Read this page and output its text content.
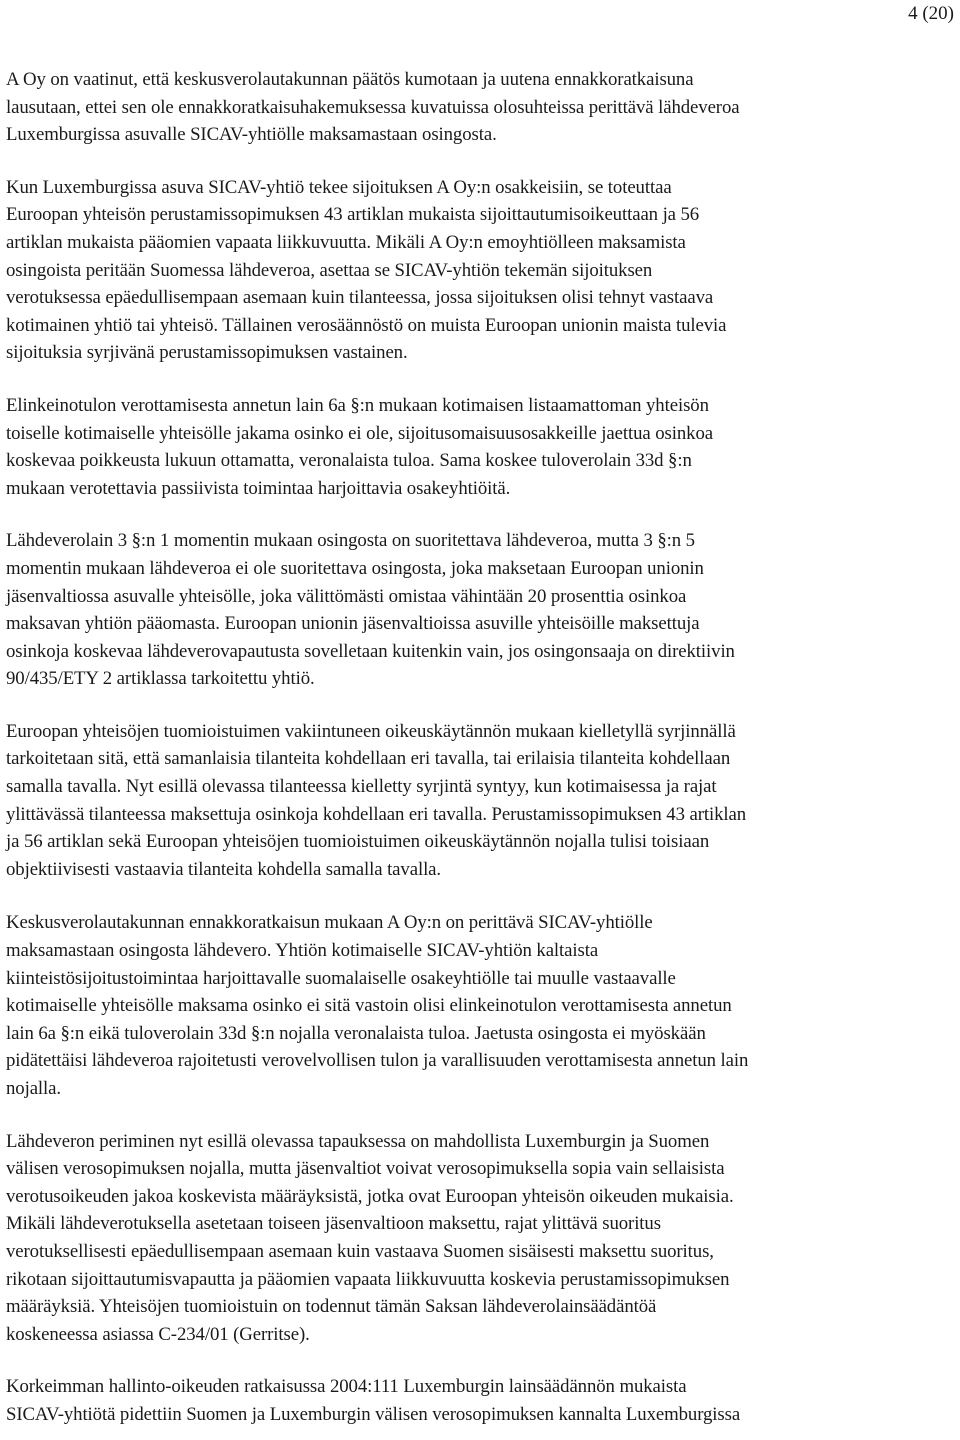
4 (20)

A Oy on vaatinut, että keskusverolautakunnan päätös kumotaan ja uutena ennakkoratkaisuna
lausutaan, ettei sen ole ennakkoratkaisuhakemuksessa kuvatuissa olosuhteissa perittävä lähdeveroa
Luxemburgissa asuvalle SICAV-yhtiölle maksamastaan osingosta.

Kun Luxemburgissa asuva SICAV-yhtiö tekee sijoituksen A Oy:n osakkeisiin, se toteuttaa
Euroopan yhteisön perustamissopimuksen 43 artiklan mukaista sijoittautumisoikeuttaan ja 56
artiklan mukaista pääomien vapaata liikkuvuutta. Mikäli A Oy:n emoyhtiölleen maksamista
osingoista peritään Suomessa lähdeveroa, asettaa se SICAV-yhtiön tekemän sijoituksen
verotuksessa epäedullisempaan asemaan kuin tilanteessa, jossa sijoituksen olisi tehnyt vastaava
kotimainen yhtiö tai yhteisö. Tällainen verosäännöstö on muista Euroopan unionin maista tulevia
sijoituksia syrjivänä perustamissopimuksen vastainen.

Elinkeinotulon verottamisesta annetun lain 6a §:n mukaan kotimaisen listaamattoman yhteisön
toiselle kotimaiselle yhteisölle jakama osinko ei ole, sijoitusomaisuusosakkeille jaettua osinkoa
koskevaa poikkeusta lukuun ottamatta, veronalaista tuloa. Sama koskee tuloverolain 33d §:n
mukaan verotettavia passiivista toimintaa harjoittavia osakeyhtiöitä.

Lähdeverolain 3 §:n 1 momentin mukaan osingosta on suoritettava lähdeveroa, mutta 3 §:n 5
momentin mukaan lähdeveroa ei ole suoritettava osingosta, joka maksetaan Euroopan unionin
jäsenvaltiossa asuvalle yhteisölle, joka välittömästi omistaa vähintään 20 prosenttia osinkoa
maksavan yhtiön pääomasta. Euroopan unionin jäsenvaltioissa asuville yhteisöille maksettuja
osinkoja koskevaa lähdeverovapautusta sovelletaan kuitenkin vain, jos osingonsaaja on direktiivin
90/435/ETY 2 artiklassa tarkoitettu yhtiö.

Euroopan yhteisöjen tuomioistuimen vakiintuneen oikeuskäytännön mukaan kielletyllä syrjinnällä
tarkoitetaan sitä, että samanlaisia tilanteita kohdellaan eri tavalla, tai erilaisia tilanteita kohdellaan
samalla tavalla. Nyt esillä olevassa tilanteessa kielletty syrjintä syntyy, kun kotimaisessa ja rajat
ylittävässä tilanteessa maksettuja osinkoja kohdellaan eri tavalla. Perustamissopimuksen 43 artiklan
ja 56 artiklan sekä Euroopan yhteisöjen tuomioistuimen oikeuskäytännön nojalla tulisi toisiaan
objektiivisesti vastaavia tilanteita kohdella samalla tavalla.

Keskusverolautakunnan ennakkoratkaisun mukaan A Oy:n on perittävä SICAV-yhtiölle
maksamastaan osingosta lähdevero. Yhtiön kotimaiselle SICAV-yhtiön kaltaista
kiinteistösijoitustoimintaa harjoittavalle suomalaiselle osakeyhtiölle tai muulle vastaavalle
kotimaiselle yhteisölle maksama osinko ei sitä vastoin olisi elinkeinotulon verottamisesta annetun
lain 6a §:n eikä tuloverolain 33d §:n nojalla veronalaista tuloa. Jaetusta osingosta ei myöskään
pidätettäisi lähdeveroa rajoitetusti verovelvollisen tulon ja varallisuuden verottamisesta annetun lain
nojalla.

Lähdeveron periminen nyt esillä olevassa tapauksessa on mahdollista Luxemburgin ja Suomen
välisen verosopimuksen nojalla, mutta jäsenvaltiot voivat verosopimuksella sopia vain sellaisista
verotusoikeuden jakoa koskevista määräyksistä, jotka ovat Euroopan yhteisön oikeuden mukaisia.
Mikäli lähdeverotuksella asetetaan toiseen jäsenvaltioon maksettu, rajat ylittävä suoritus
verotuksellisesti epäedullisempaan asemaan kuin vastaava Suomen sisäisesti maksettu suoritus,
rikotaan sijoittautumisvapautta ja pääomien vapaata liikkuvuutta koskevia perustamissopimuksen
määräyksiä. Yhteisöjen tuomioistuin on todennut tämän Saksan lähdeverolainsäädäntöä
koskeneessa asiassa C-234/01 (Gerritse).

Korkeimman hallinto-oikeuden ratkaisussa 2004:111 Luxemburgin lainsäädännön mukaista
SICAV-yhtiötä pidettiin Suomen ja Luxemburgin välisen verosopimuksen kannalta Luxemburgissa
